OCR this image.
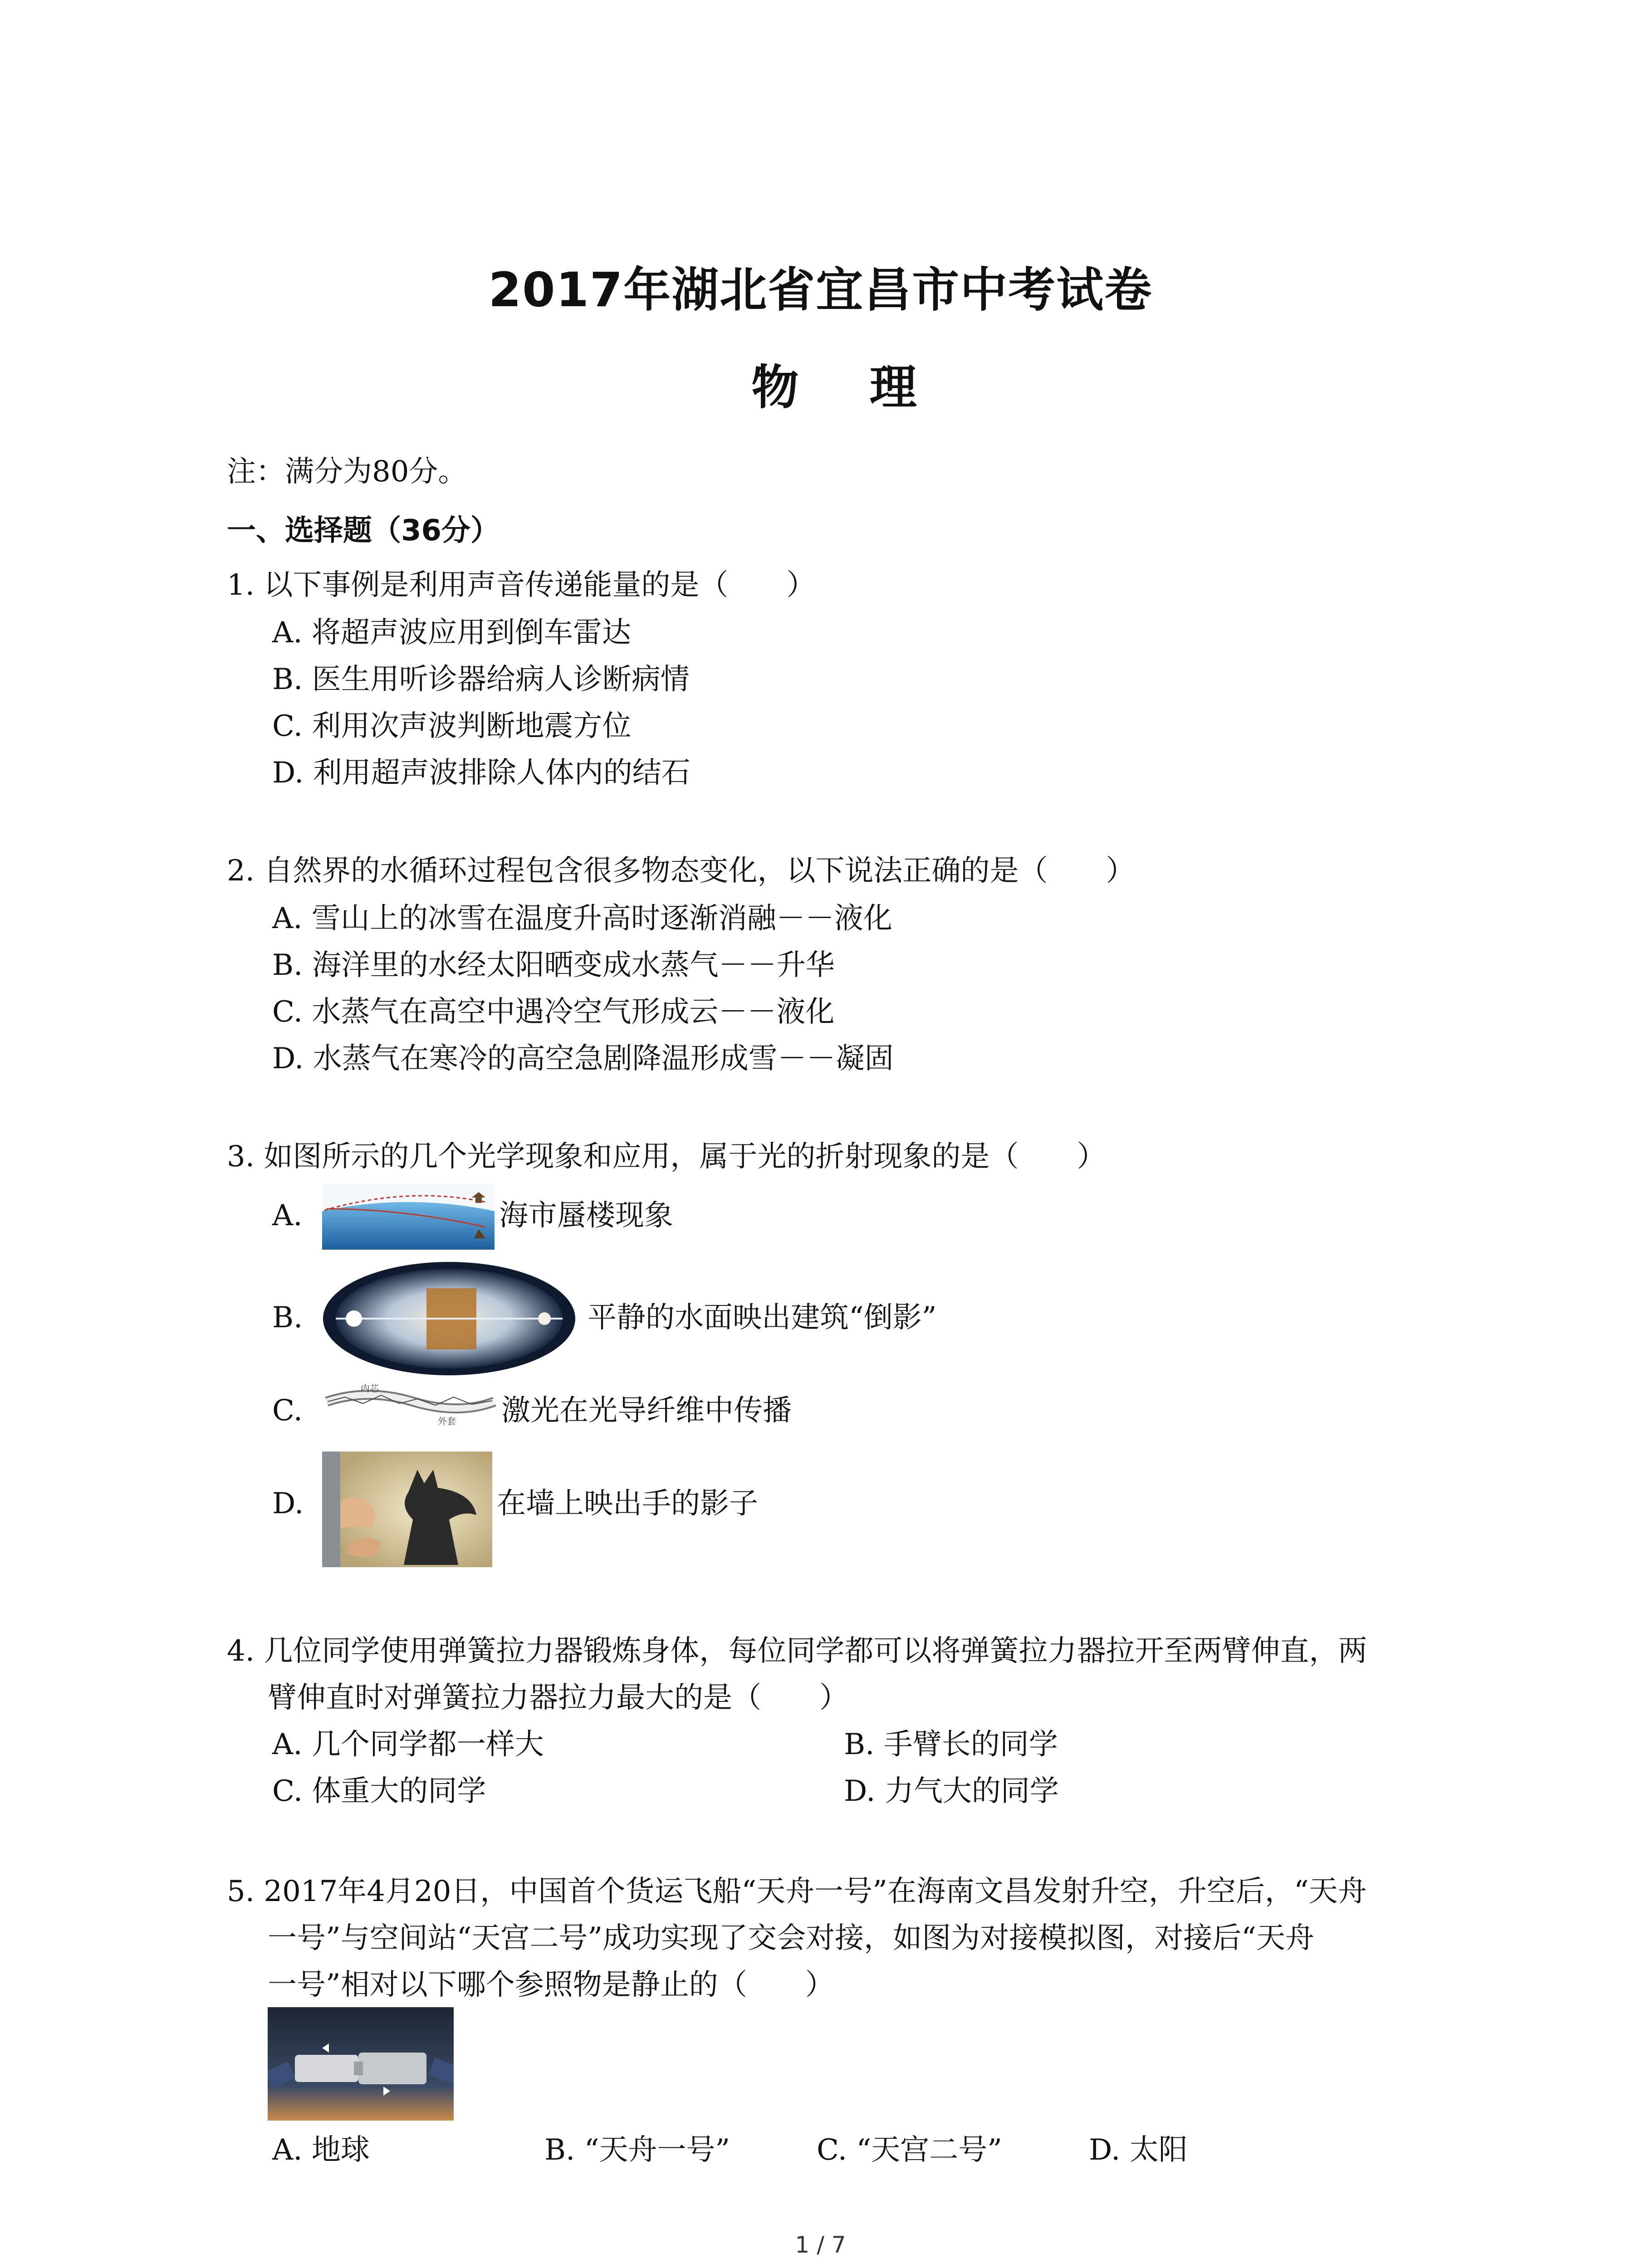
2017年湖北省宜昌市中考试卷
物 理
注：满分为80分。
一、选择题（36分）
1. 以下事例是利用声音传递能量的是（　　）
A. 将超声波应用到倒车雷达
B. 医生用听诊器给病人诊断病情
C. 利用次声波判断地震方位
D. 利用超声波排除人体内的结石
2. 自然界的水循环过程包含很多物态变化，以下说法正确的是（　　）
A. 雪山上的冰雪在温度升高时逐渐消融－－液化
B. 海洋里的水经太阳晒变成水蒸气－－升华
C. 水蒸气在高空中遇冷空气形成云－－液化
D. 水蒸气在寒冷的高空急剧降温形成雪－－凝固
3. 如图所示的几个光学现象和应用，属于光的折射现象的是（　　）
A.	海市蜃楼现象
B.	平静的水面映出建筑“倒影”
C.
内芯
外套 激光在光导纤维中传播
D.	在墙上映出手的影子
4. 几位同学使用弹簧拉力器锻炼身体，每位同学都可以将弹簧拉力器拉开至两臂伸直，两
臂伸直时对弹簧拉力器拉力最大的是（　　）
A. 几个同学都一样大	B. 手臂长的同学
C. 体重大的同学	D. 力气大的同学
5. 2017年4月20日，中国首个货运飞船“天舟一号”在海南文昌发射升空，升空后，“天舟
一号”与空间站“天宫二号”成功实现了交会对接，如图为对接模拟图，对接后“天舟
一号”相对以下哪个参照物是静止的（　　）
A. 地球	B. “天舟一号”	C. “天宫二号”	D. 太阳
1 / 7
